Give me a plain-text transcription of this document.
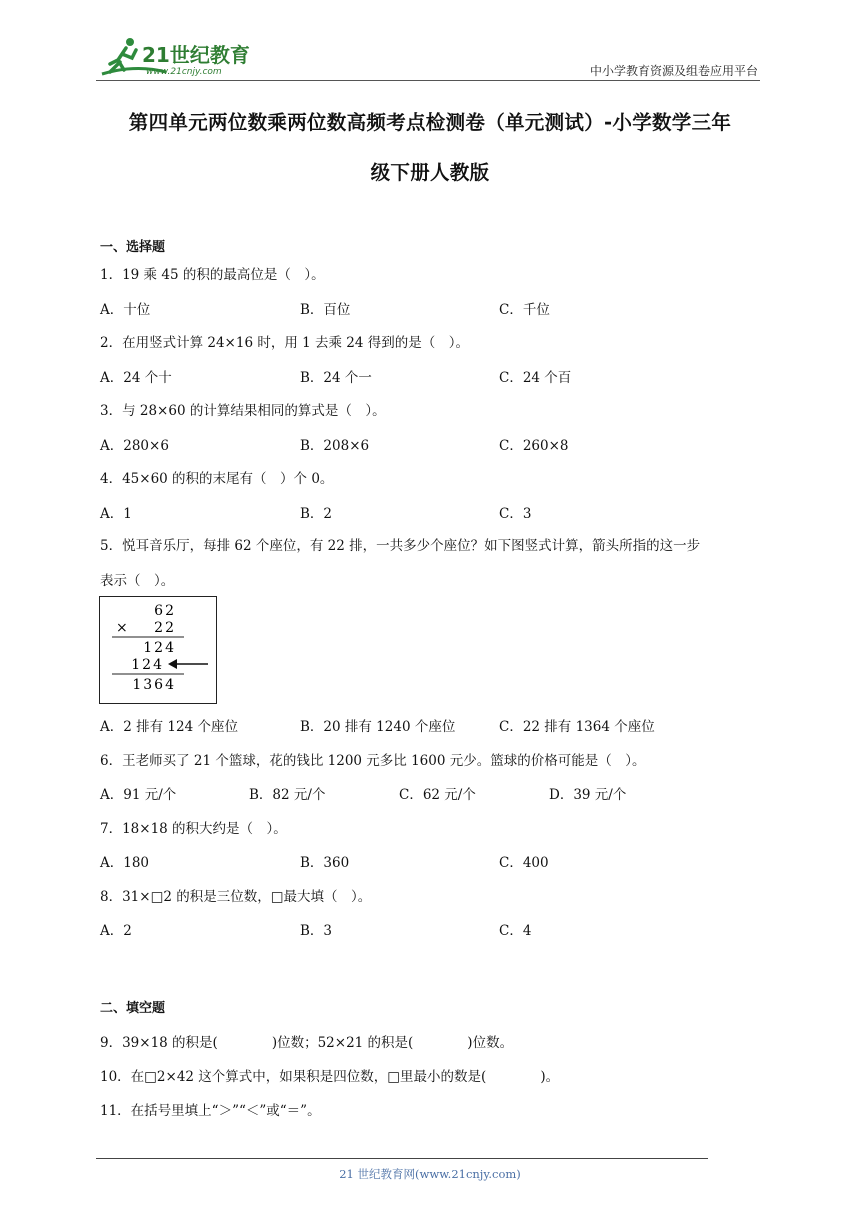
21世纪教育
www.21cnjy.com	中小学教育资源及组卷应用平台
第四单元两位数乘两位数高频考点检测卷（单元测试）-小学数学三年
级下册人教版
一、选择题
1．19 乘 45 的积的最高位是（　）。
A．十位	B．百位	C．千位
2．在用竖式计算 24×16 时，用 1 去乘 24 得到的是（　）。
A．24 个十	B．24 个一	C．24 个百
3．与 28×60 的计算结果相同的算式是（　）。
A．280×6	B．208×6	C．260×8
4．45×60 的积的末尾有（　）个 0。
A．1	B．2	C．3
5．悦耳音乐厅，每排 62 个座位，有 22 排，一共多少个座位？如下图竖式计算，箭头所指的这一步
表示（　）。
62
× 22
124
124
1364
A．2 排有 124 个座位	B．20 排有 1240 个座位	C．22 排有 1364 个座位
6．王老师买了 21 个篮球，花的钱比 1200 元多比 1600 元少。篮球的价格可能是（　）。
A．91 元/个	B．82 元/个	C．62 元/个	D．39 元/个
7．18×18 的积大约是（　）。
A．180	B．360	C．400
8．31×□2 的积是三位数，□最大填（　）。
A．2	B．3	C．4
二、填空题
9．39×18 的积是(　　　　)位数；52×21 的积是(　　　　)位数。
10．在□2×42 这个算式中，如果积是四位数，□里最小的数是(　　　　)。
11．在括号里填上“＞”“＜”或“＝”。
21 世纪教育网(www.21cnjy.com)
